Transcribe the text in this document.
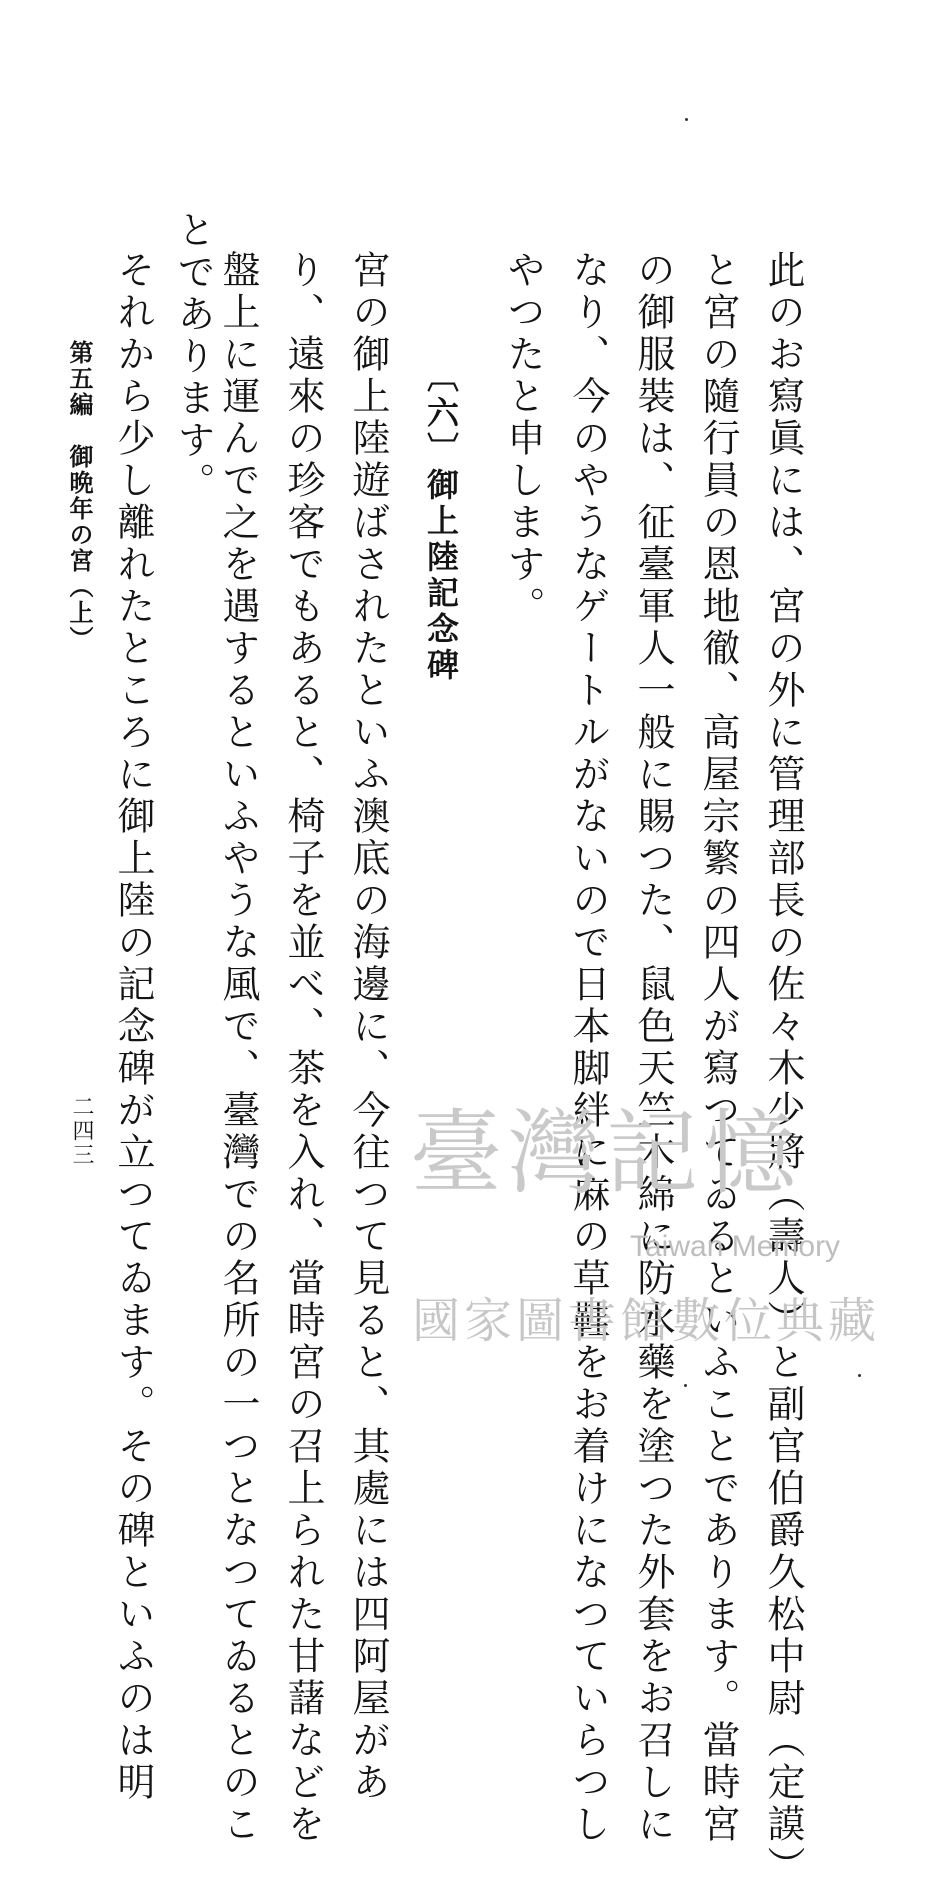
此のお寫眞には、宮の外に管理部長の佐々木少將（壽人）と副官伯爵久松中尉（定謨）
と宮の隨行員の恩地徹、高屋宗繁の四人が寫つてゐるといふことであります。當時宮
の御服裝は、征臺軍人一般に賜つた、鼠色天竺木綿に防水藥を塗つた外套をお召しに
なり、今のやうなゲートルがないので日本脚絆に麻の草鞋をお着けになつていらつし
やつたと申します。
〔六〕御上陸記念碑
宮の御上陸遊ばされたといふ澳底の海邊に、今往つて見ると、其處には四阿屋があ
り、遠來の珍客でもあると、椅子を並べ、茶を入れ、當時宮の召上られた甘藷などを
盤上に運んで之を遇するといふやうな風で、臺灣での名所の一つとなつてゐるとのこ
とであります。
それから少し離れたところに御上陸の記念碑が立つてゐます。その碑といふのは明
第五編　御晩年の宮（上）
二四三	臺灣記憶
Taiwan Memory
國家圖書館數位典藏
